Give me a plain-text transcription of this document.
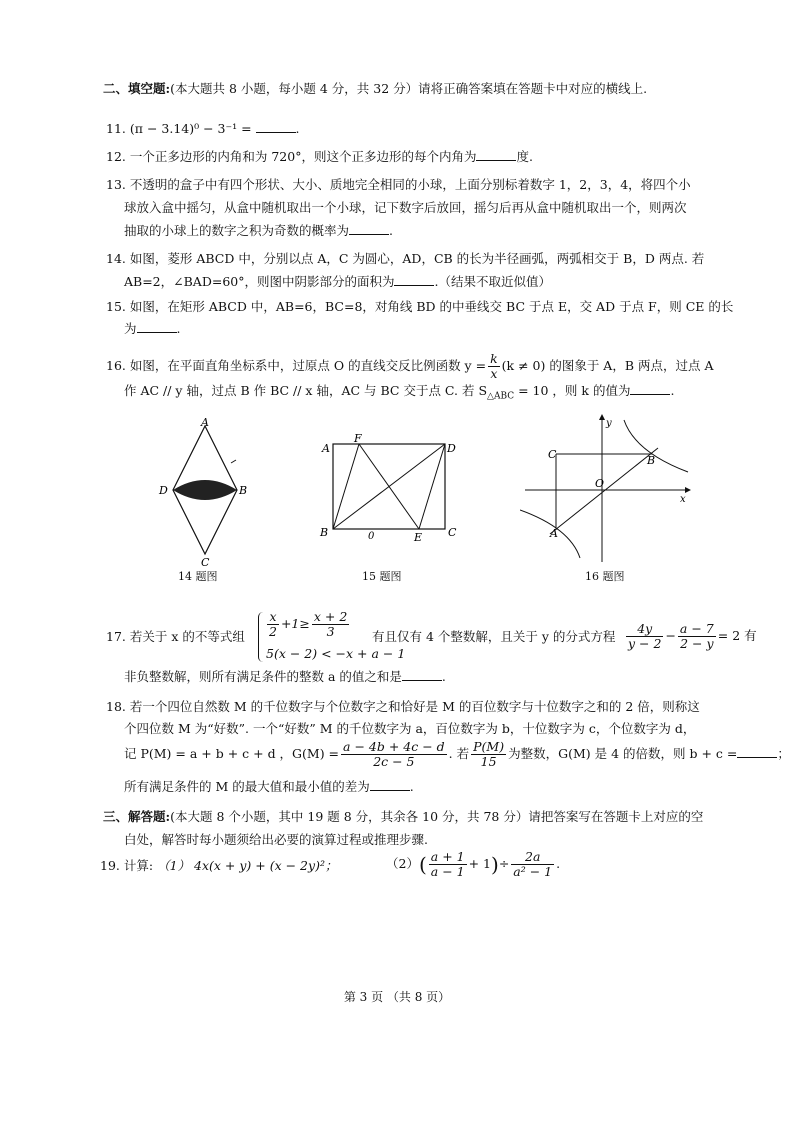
二、填空题:(本大题共 8 小题，每小题 4 分，共 32 分）请将正确答案填在答题卡中对应的横线上.
11. (π − 3.14)⁰ − 3⁻¹ =	.
12. 一个正多边形的内角和为 720°，则这个正多边形的每个内角为	度.
13. 不透明的盒子中有四个形状、大小、质地完全相同的小球，上面分别标着数字 1，2，3，4，将四个小
球放入盒中摇匀，从盒中随机取出一个小球，记下数字后放回，摇匀后再从盒中随机取出一个，则两次
抽取的小球上的数字之积为奇数的概率为	.
14. 如图，菱形 ABCD 中，分别以点 A，C 为圆心，AD，CB 的长为半径画弧，两弧相交于 B，D 两点. 若
AB=2，∠BAD=60°，则图中阴影部分的面积为	.（结果不取近似值）
15. 如图，在矩形 ABCD 中，AB=6，BC=8，对角线 BD 的中垂线交 BC 于点 E，交 AD 于点 F，则 CE 的长
为	.
16. 如图，在平面直角坐标系中，过原点 O 的直线交反比例函数 $y = \frac{k}{x} (k \ne 0)$ 的图象于 A，B 两点，过点 A
作 AC // y 轴，过点 B 作 BC // x 轴，AC 与 BC 交于点 C. 若 $S_{\triangle ABC} = 10$ ，则 k 的值为	.
A
B
C
D
14 题图
A
F
D
B	0	E C
15 题图
y
x
C	B
O
A
16 题图
17. 若关于 x 的不等式组 $\frac{x}{2} +1\ge \frac{x + 2}{3}$
5(x − 2) < −x + a − 1
有且仅有 4 个整数解，且关于 y 的分式方程 $\frac{4y}{y - 2} - \frac{a - 7}{2 - y} = 2$ 有
非负整数解，则所有满足条件的整数 a 的值之和是	.
18. 若一个四位自然数 M 的千位数字与个位数字之和恰好是 M 的百位数字与十位数字之和的 2 倍，则称这
个四位数 M 为“好数”. 一个“好数” M 的千位数字为 a，百位数字为 b，十位数字为 c，个位数字为 d，
记 P(M) = a + b + c + d ，$G(M) = \frac{a - 4b + 4c - d}{2c - 5}$ . 若 $\frac{P(M)}{15}$ 为整数，G(M) 是 4 的倍数，则 b + c =	；
所有满足条件的 M 的最大值和最小值的差为	.
三、解答题:(本大题 8 个小题，其中 19 题 8 分，其余各 10 分，共 78 分）请把答案写在答题卡上对应的空
白处，解答时每小题须给出必要的演算过程或推理步骤.
19. 计算: （1） 4x(x + y) + (x − 2y)²；	$(2)( \frac{a + 1}{a - 1} + 1)\div \frac{2a}{\text{a² − 1}}$ .
第 3 页 （共 8 页）
